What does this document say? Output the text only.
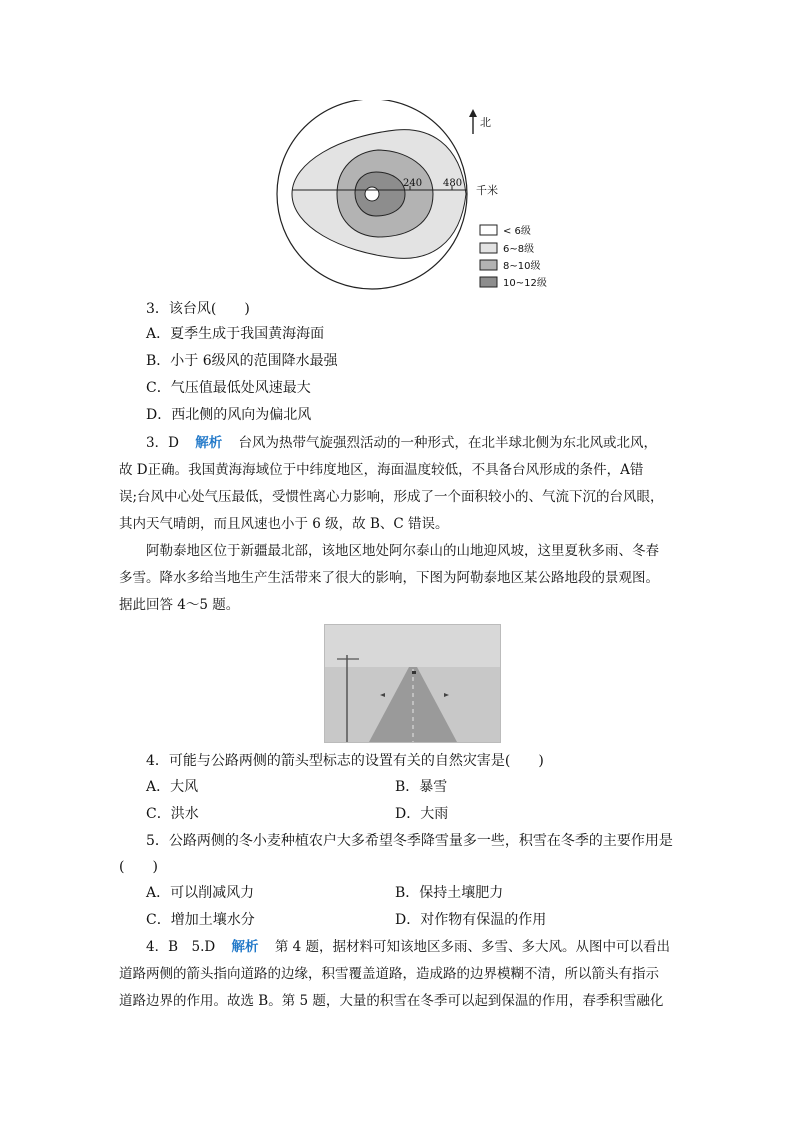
240 480
千米
北
< 6级
6~8级
8~10级
10~12级
3．该台风(　　)
A．夏季生成于我国黄海海面
B．小于 6级风的范围降水最强
C．气压值最低处风速最大
D．西北侧的风向为偏北风
3．D 解析 台风为热带气旋强烈活动的一种形式，在北半球北侧为东北风或北风，
故 D正确。我国黄海海域位于中纬度地区，海面温度较低，不具备台风形成的条件，A错
误;台风中心处气压最低，受惯性离心力影响，形成了一个面积较小的、气流下沉的台风眼，
其内天气晴朗，而且风速也小于 6 级，故 B、C 错误。
阿勒泰地区位于新疆最北部，该地区地处阿尔泰山的山地迎风坡，这里夏秋多雨、冬春
多雪。降水多给当地生产生活带来了很大的影响，下图为阿勒泰地区某公路地段的景观图。
据此回答 4～5 题。
4．可能与公路两侧的箭头型标志的设置有关的自然灾害是(　　)
A．大风	B．暴雪
C．洪水	D．大雨
5．公路两侧的冬小麦种植农户大多希望冬季降雪量多一些，积雪在冬季的主要作用是
(　　)
A．可以削减风力	B．保持土壤肥力
C．增加土壤水分	D．对作物有保温的作用
4．B　5.D 解析 第 4 题，据材料可知该地区多雨、多雪、多大风。从图中可以看出
道路两侧的箭头指向道路的边缘，积雪覆盖道路，造成路的边界模糊不清，所以箭头有指示
道路边界的作用。故选 B。第 5 题，大量的积雪在冬季可以起到保温的作用，春季积雪融化
